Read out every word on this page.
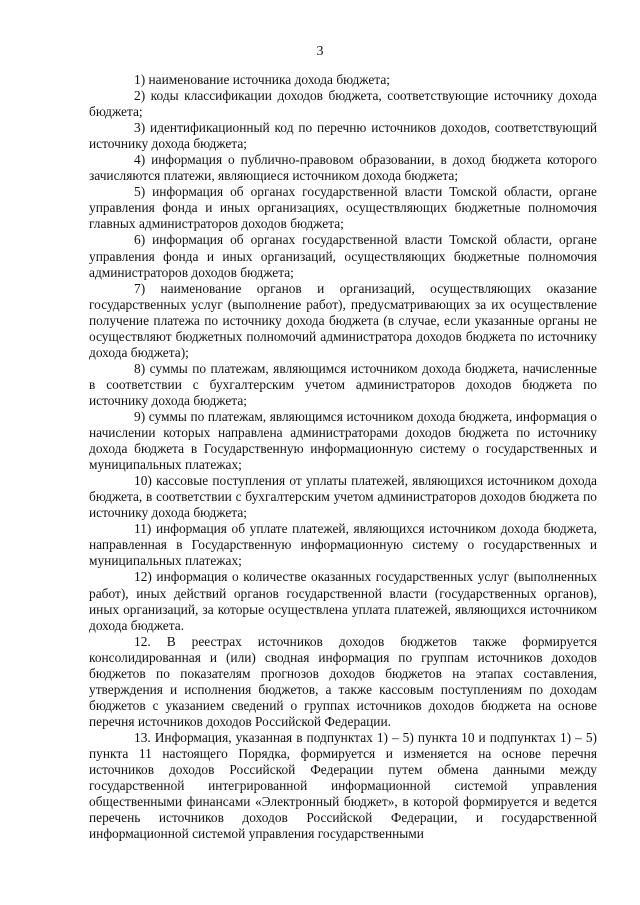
3

1) наименование источника дохода бюджета;

2) коды классификации доходов бюджета, соответствующие источнику дохода бюджета;

3) идентификационный код по перечню источников доходов, соответствующий источнику дохода бюджета;

4) информация о публично-правовом образовании, в доход бюджета которого зачисляются платежи, являющиеся источником дохода бюджета;

5) информация об органах государственной власти Томской области, органе управления фонда и иных организациях, осуществляющих бюджетные полномочия главных администраторов доходов бюджета;

6) информация об органах государственной власти Томской области, органе управления фонда и иных организаций, осуществляющих бюджетные полномочия администраторов доходов бюджета;

7) наименование органов и организаций, осуществляющих оказание государственных услуг (выполнение работ), предусматривающих за их осуществление получение платежа по источнику дохода бюджета (в случае, если указанные органы не осуществляют бюджетных полномочий администратора доходов бюджета по источнику дохода бюджета);

8) суммы по платежам, являющимся источником дохода бюджета, начисленные в соответствии с бухгалтерским учетом администраторов доходов бюджета по источнику дохода бюджета;

9) суммы по платежам, являющимся источником дохода бюджета, информация о начислении которых направлена администраторами доходов бюджета по источнику дохода бюджета в Государственную информационную систему о государственных и муниципальных платежах;

10) кассовые поступления от уплаты платежей, являющихся источником дохода бюджета, в соответствии с бухгалтерским учетом администраторов доходов бюджета по источнику дохода бюджета;

11) информация об уплате платежей, являющихся источником дохода бюджета, направленная в Государственную информационную систему о государственных и муниципальных платежах;

12) информация о количестве оказанных государственных услуг (выполненных работ), иных действий органов государственной власти (государственных органов), иных организаций, за которые осуществлена уплата платежей, являющихся источником дохода бюджета.

12. В реестрах источников доходов бюджетов также формируется консолидированная и (или) сводная информация по группам источников доходов бюджетов по показателям прогнозов доходов бюджетов на этапах составления, утверждения и исполнения бюджетов, а также кассовым поступлениям по доходам бюджетов с указанием сведений о группах источников доходов бюджета на основе перечня источников доходов Российской Федерации.

13. Информация, указанная в подпунктах 1) – 5) пункта 10 и подпунктах 1) – 5) пункта 11 настоящего Порядка, формируется и изменяется на основе перечня источников доходов Российской Федерации путем обмена данными между государственной интегрированной информационной системой управления общественными финансами «Электронный бюджет», в которой формируется и ведется перечень источников доходов Российской Федерации, и государственной информационной системой управления государственными
